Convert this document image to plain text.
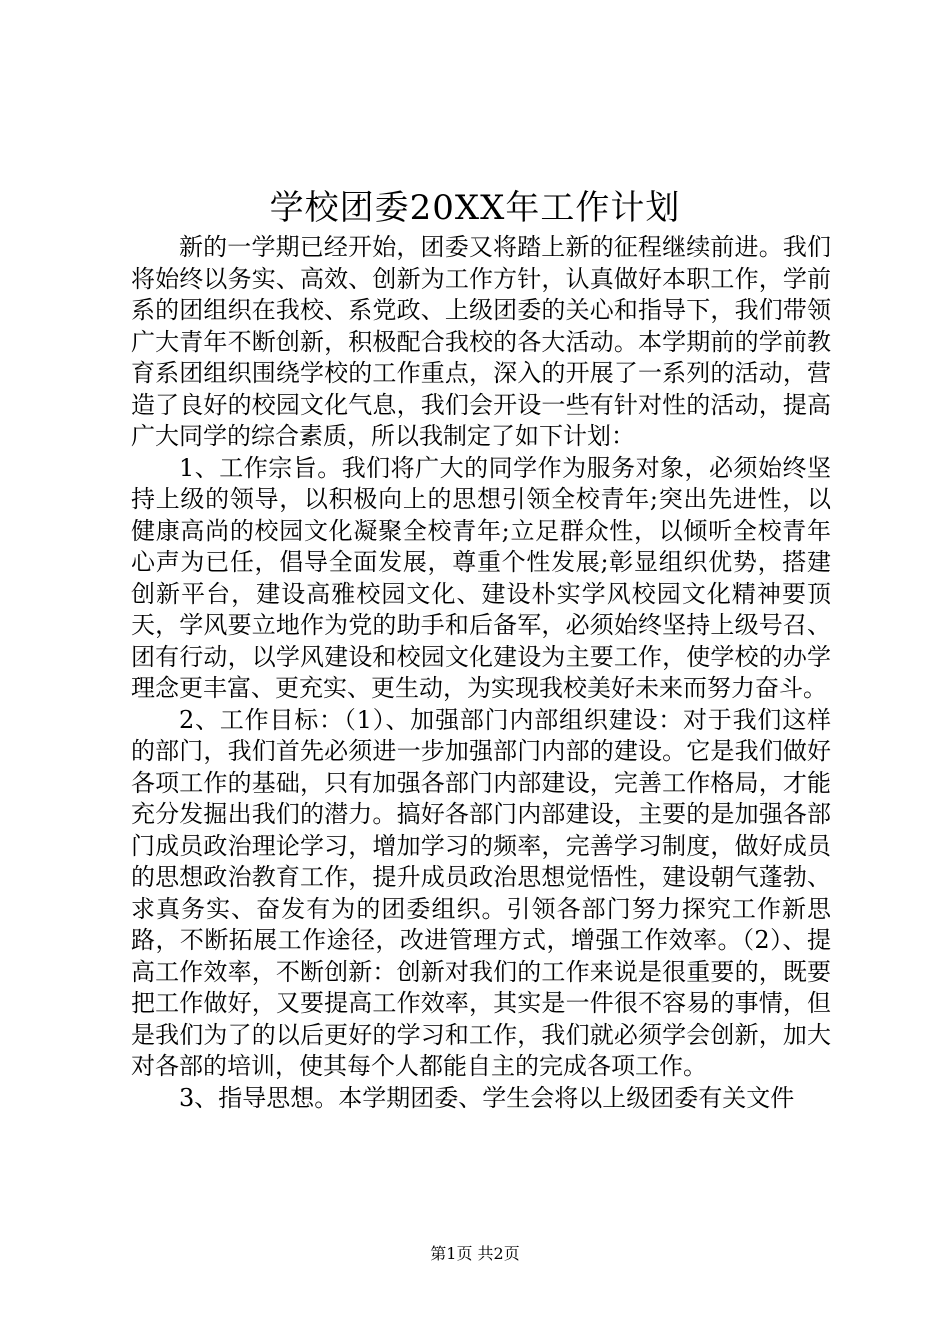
学校团委20XX年工作计划

新的一学期已经开始，团委又将踏上新的征程继续前进。我们将始终以务实、高效、创新为工作方针，认真做好本职工作，学前系的团组织在我校、系党政、上级团委的关心和指导下，我们带领广大青年不断创新，积极配合我校的各大活动。本学期前的学前教育系团组织围绕学校的工作重点，深入的开展了一系列的活动，营造了良好的校园文化气息，我们会开设一些有针对性的活动，提高广大同学的综合素质，所以我制定了如下计划：

1、工作宗旨。我们将广大的同学作为服务对象，必须始终坚持上级的领导，以积极向上的思想引领全校青年;突出先进性，以健康高尚的校园文化凝聚全校青年;立足群众性，以倾听全校青年心声为已任，倡导全面发展，尊重个性发展;彰显组织优势，搭建创新平台，建设高雅校园文化、建设朴实学风校园文化精神要顶天，学风要立地作为党的助手和后备军，必须始终坚持上级号召、团有行动，以学风建设和校园文化建设为主要工作，使学校的办学理念更丰富、更充实、更生动，为实现我校美好未来而努力奋斗。

2、工作目标：（1）、加强部门内部组织建设：对于我们这样的部门，我们首先必须进一步加强部门内部的建设。它是我们做好各项工作的基础，只有加强各部门内部建设，完善工作格局，才能充分发掘出我们的潜力。搞好各部门内部建设，主要的是加强各部门成员政治理论学习，增加学习的频率，完善学习制度，做好成员的思想政治教育工作，提升成员政治思想觉悟性，建设朝气蓬勃、求真务实、奋发有为的团委组织。引领各部门努力探究工作新思路，不断拓展工作途径，改进管理方式，增强工作效率。（2）、提高工作效率，不断创新：创新对我们的工作来说是很重要的，既要把工作做好，又要提高工作效率，其实是一件很不容易的事情，但是我们为了的以后更好的学习和工作，我们就必须学会创新，加大对各部的培训，使其每个人都能自主的完成各项工作。

3、指导思想。本学期团委、学生会将以上级团委有关文件

第1页 共2页
